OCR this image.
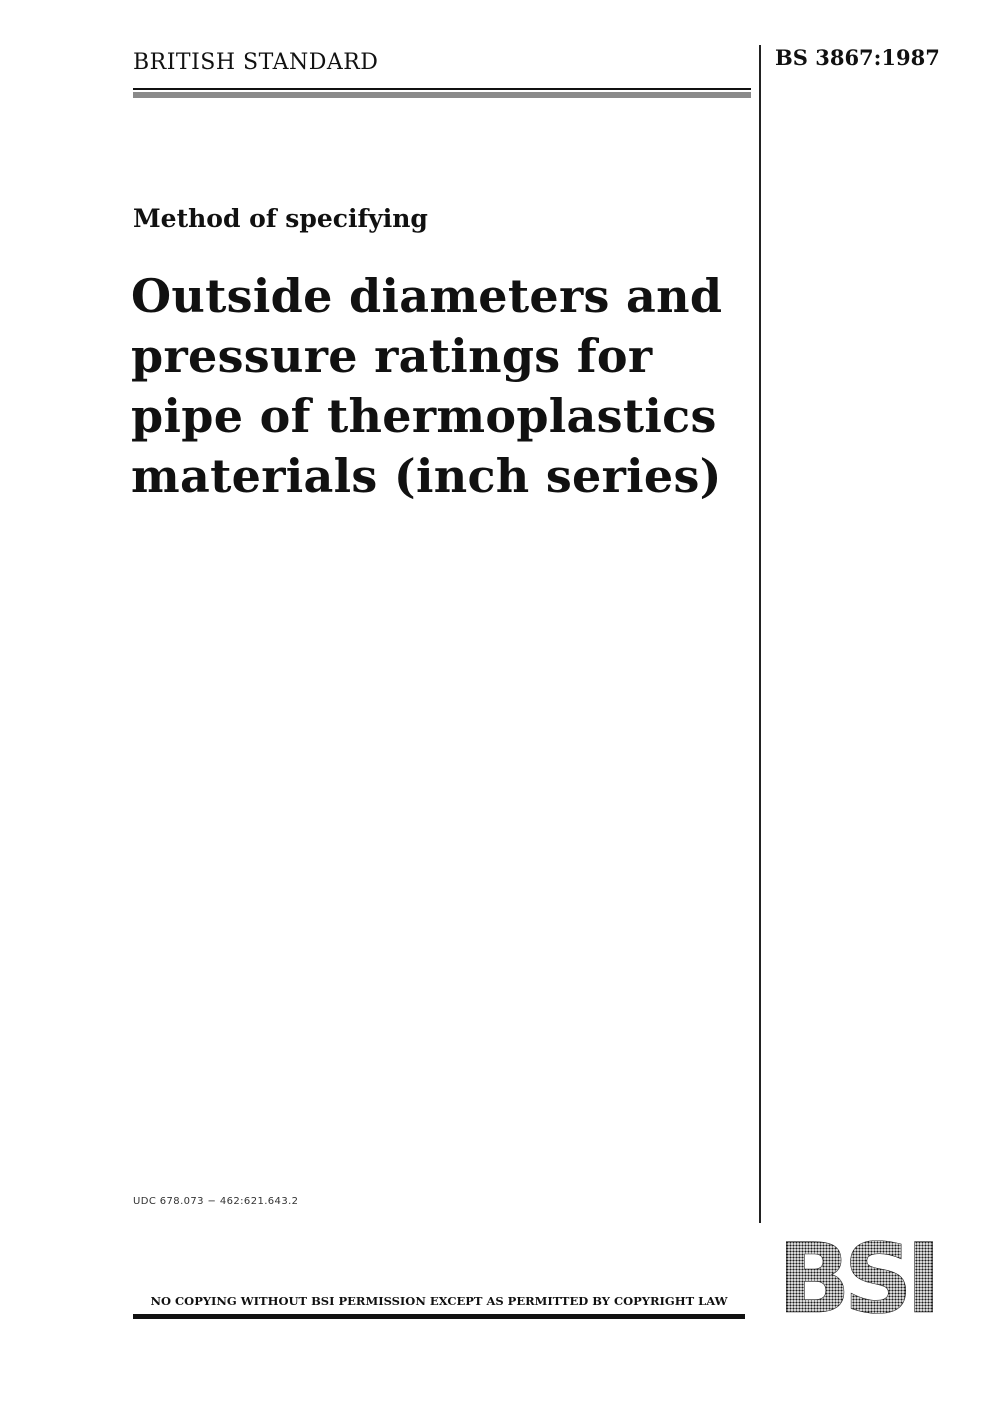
BRITISH STANDARD	BS 3867:1987
Method of specifying
Outside diameters and
pressure ratings for
pipe of thermoplastics
materials (inch series)
UDC 678.073 − 462:621.643.2
NO COPYING WITHOUT BSI PERMISSION EXCEPT AS PERMITTED BY COPYRIGHT LAW BSI
